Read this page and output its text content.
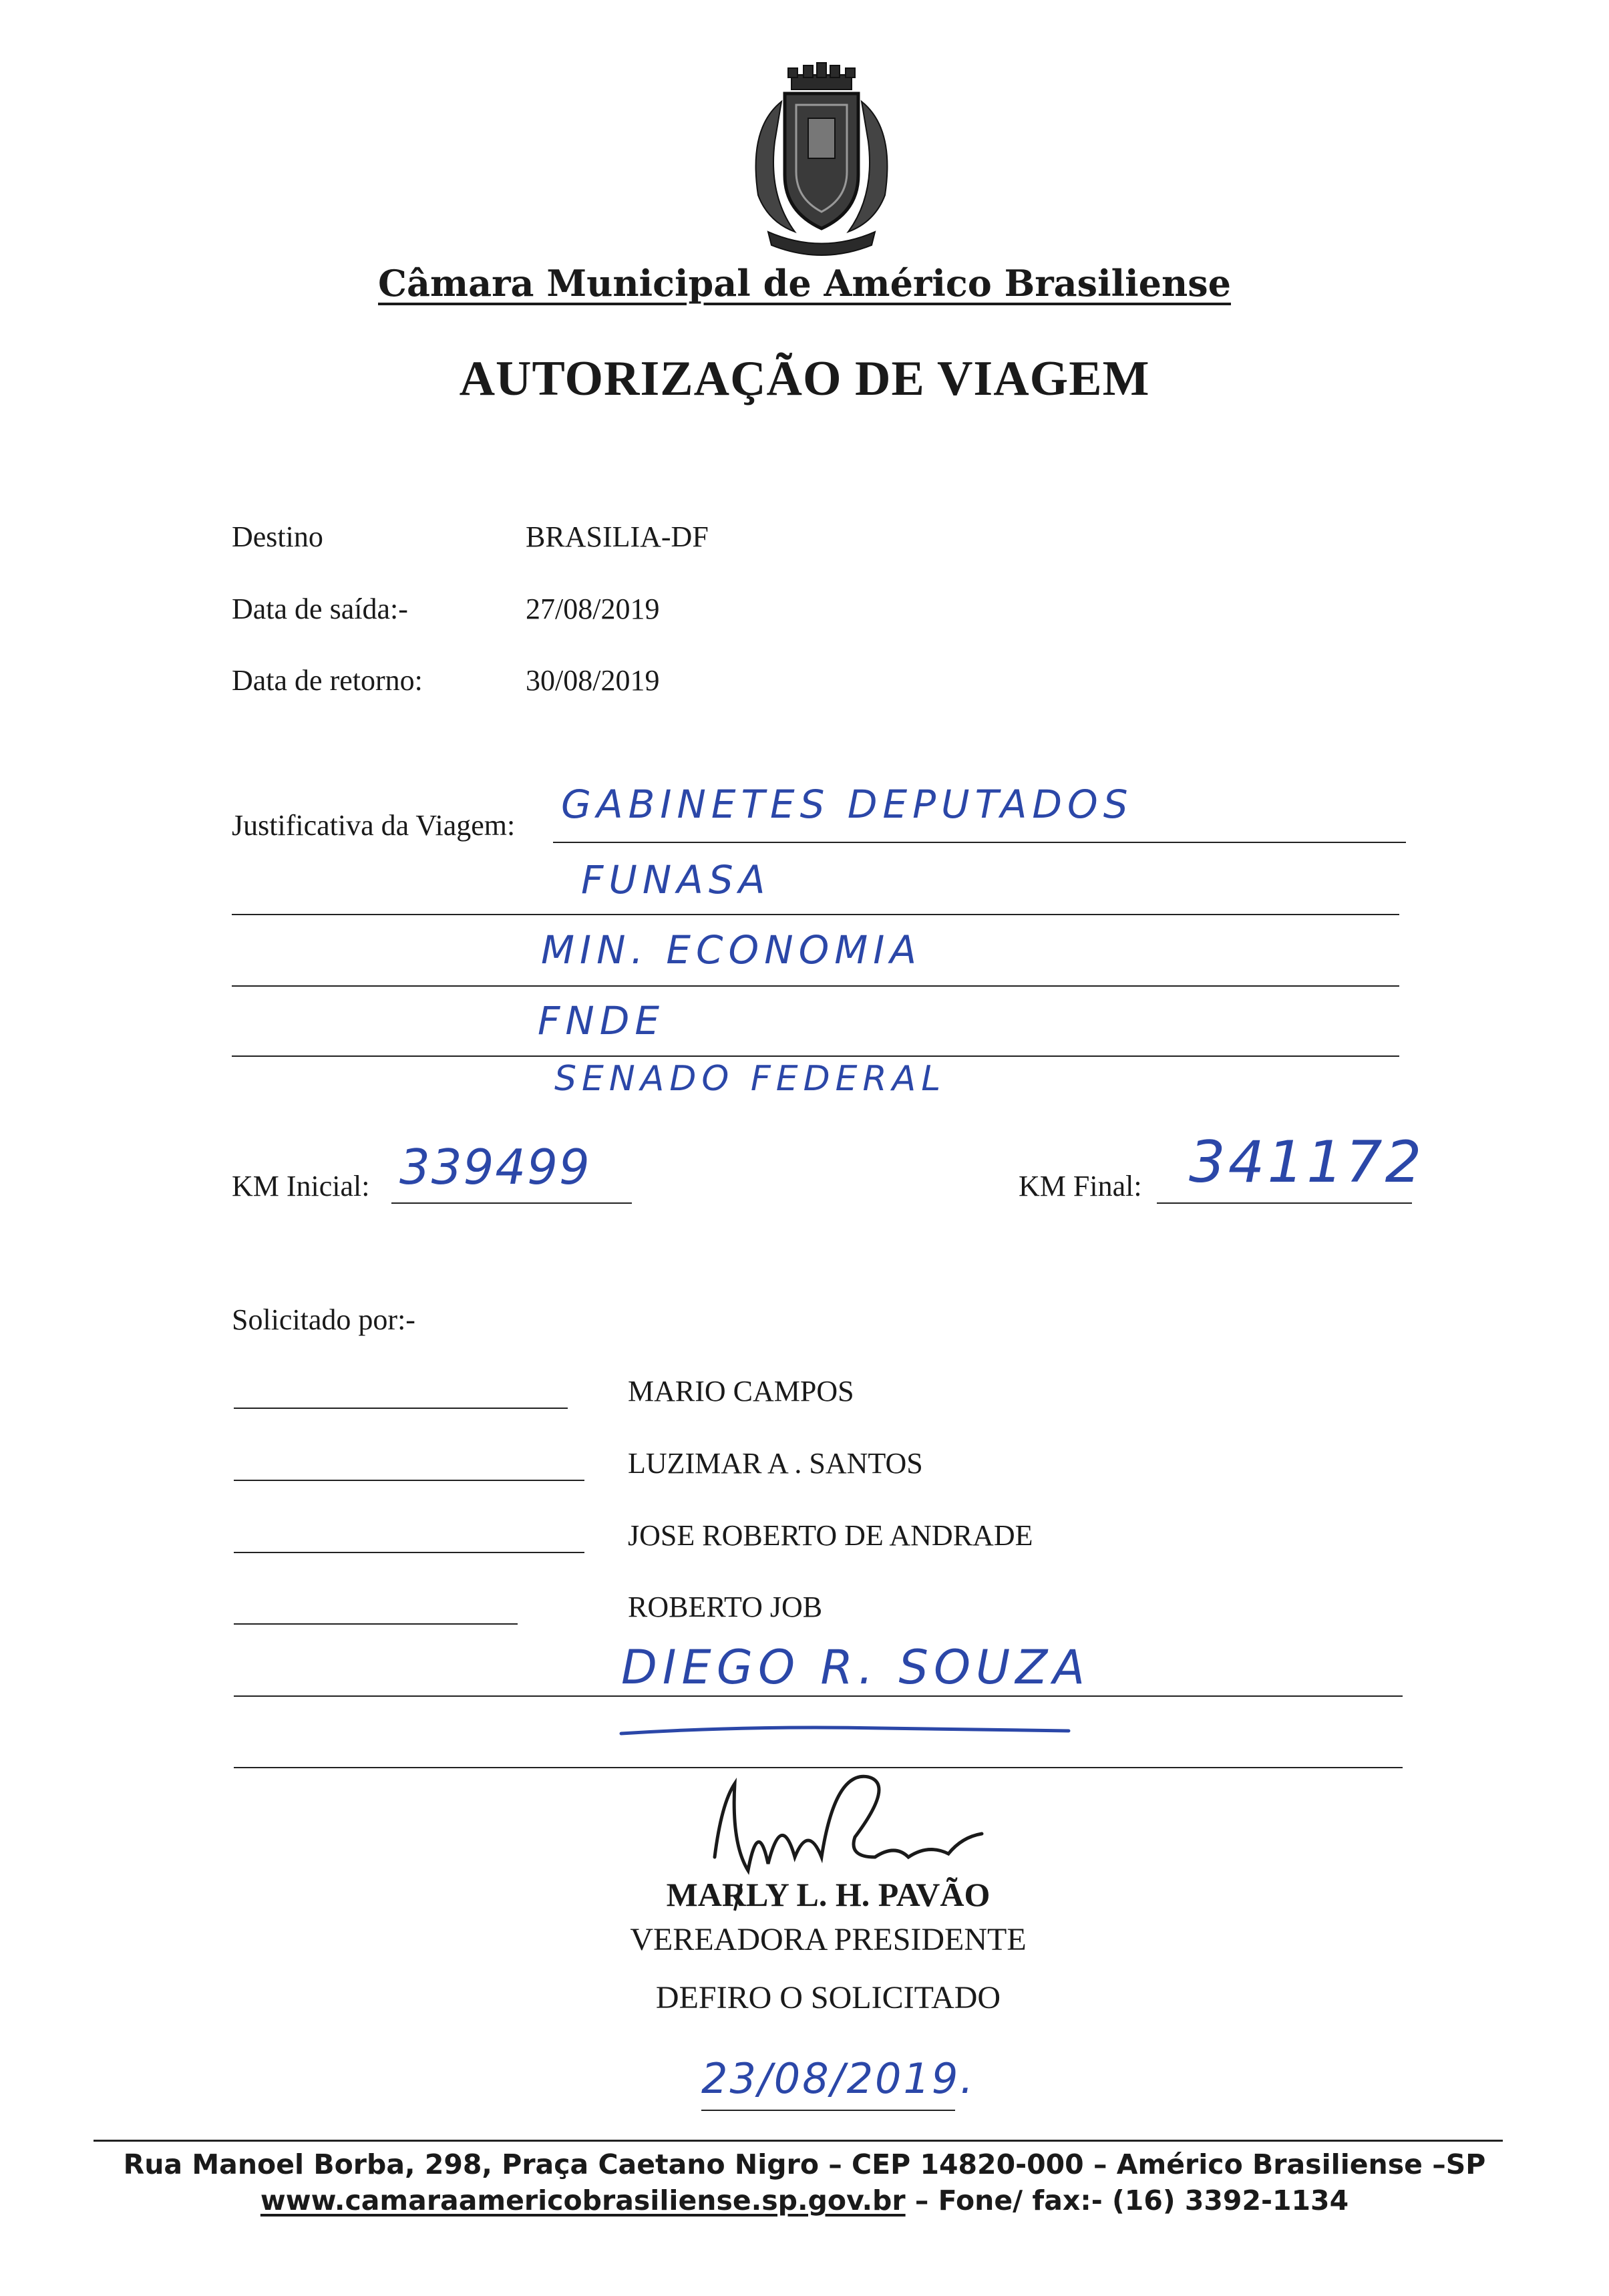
Câmara Municipal de Américo Brasiliense
AUTORIZAÇÃO DE VIAGEM
Destino	BRASILIA-DF
Data de saída:-	27/08/2019
Data de retorno:	30/08/2019
Justificativa da Viagem: GABINETES DEPUTADOS
FUNASA
MIN. ECONOMIA
FNDE
SENADO FEDERAL
KM Inicial: 339499	KM Final: 341172
Solicitado por:-
MARIO CAMPOS
LUZIMAR A . SANTOS
JOSE ROBERTO DE ANDRADE
ROBERTO JOB
DIEGO R. SOUZA
MARLY L. H. PAVÃO
VEREADORA PRESIDENTE
DEFIRO O SOLICITADO
23/08/2019.
Rua Manoel Borba, 298, Praça Caetano Nigro – CEP 14820-000 – Américo Brasiliense –SP
www.camaraamericobrasiliense.sp.gov.br – Fone/ fax:- (16) 3392-1134
